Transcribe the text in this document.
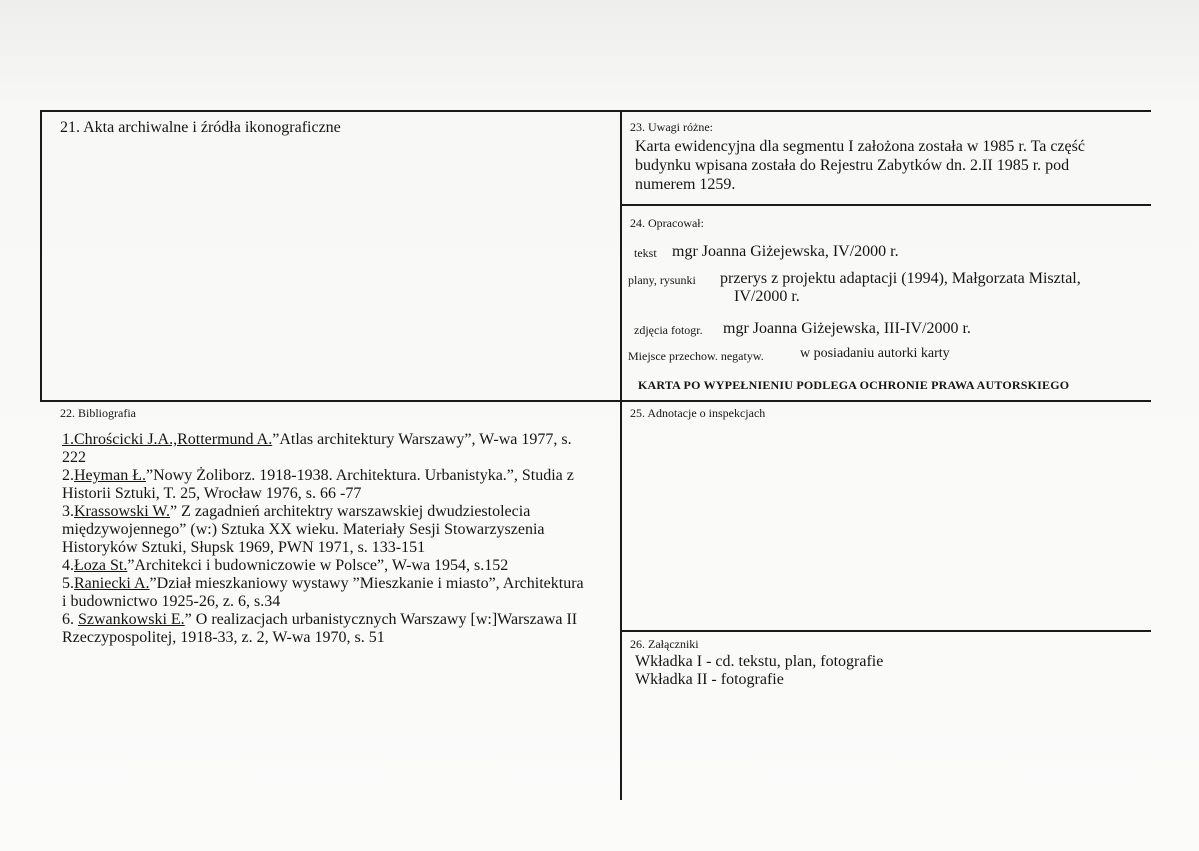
21. Akta archiwalne i źródła ikonograficzne	23. Uwagi różne:
Karta ewidencyjna dla segmentu I założona została w 1985 r. Ta część
budynku wpisana została do Rejestru Zabytków dn. 2.II 1985 r. pod
numerem 1259.
24. Opracował:
tekst mgr Joanna Giżejewska, IV/2000 r.
plany, rysunki przerys z projektu adaptacji (1994), Małgorzata Misztal,
IV/2000 r.
zdjęcia fotogr. mgr Joanna Giżejewska, III-IV/2000 r.
Miejsce przechow. negatyw.	w posiadaniu autorki karty
KARTA PO WYPEŁNIENIU PODLEGA OCHRONIE PRAWA AUTORSKIEGO
22. Bibliografia
1.Chrościcki J.A.,Rottermund A.”Atlas architektury Warszawy”, W-wa 1977, s.
222
2.Heyman Ł.”Nowy Żoliborz. 1918-1938. Architektura. Urbanistyka.”, Studia z
Historii Sztuki, T. 25, Wrocław 1976, s. 66 -77
3.Krassowski W.” Z zagadnień architektry warszawskiej dwudziestolecia
międzywojennego” (w:) Sztuka XX wieku. Materiały Sesji Stowarzyszenia
Historyków Sztuki, Słupsk 1969, PWN 1971, s. 133-151
4.Łoza St.”Architekci i budowniczowie w Polsce”, W-wa 1954, s.152
5.Raniecki A.”Dział mieszkaniowy wystawy ”Mieszkanie i miasto”, Architektura
i budownictwo 1925-26, z. 6, s.34
6. Szwankowski E.” O realizacjach urbanistycznych Warszawy [w:]Warszawa II
Rzeczypospolitej, 1918-33, z. 2, W-wa 1970, s. 51
25. Adnotacje o inspekcjach
26. Załączniki
Wkładka I - cd. tekstu, plan, fotografie
Wkładka II - fotografie
